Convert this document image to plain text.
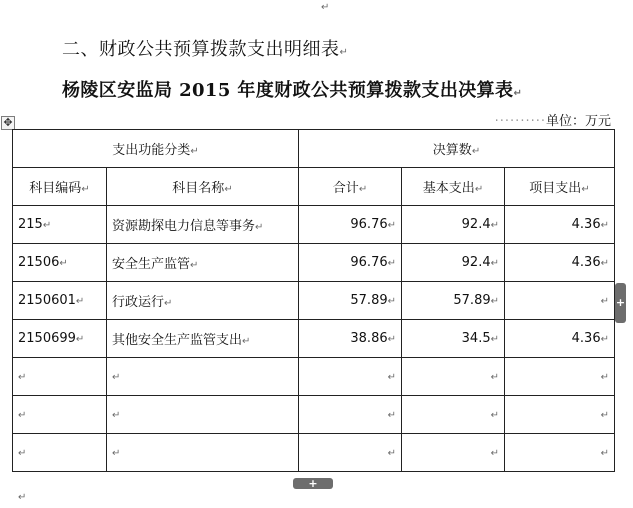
↵
二、财政公共预算拨款支出明细表↵
杨陵区安监局 2015 年度财政公共预算拨款支出决算表↵
··········单位：万元
✥
支出功能分类↵		决算数↵		
科目编码↵	科目名称↵	合计↵	基本支出↵	项目支出↵
215↵	资源勘探电力信息等事务↵	96.76↵	92.4↵	4.36↵
21506↵	安全生产监管↵	96.76↵	92.4↵	4.36↵
2150601↵	行政运行↵	57.89↵	57.89↵	↵
2150699↵	其他安全生产监管支出↵	38.86↵	34.5↵	4.36↵
↵	↵	↵	↵	↵
↵	↵	↵	↵	↵
↵	↵	↵	↵	↵
+
+
↵
